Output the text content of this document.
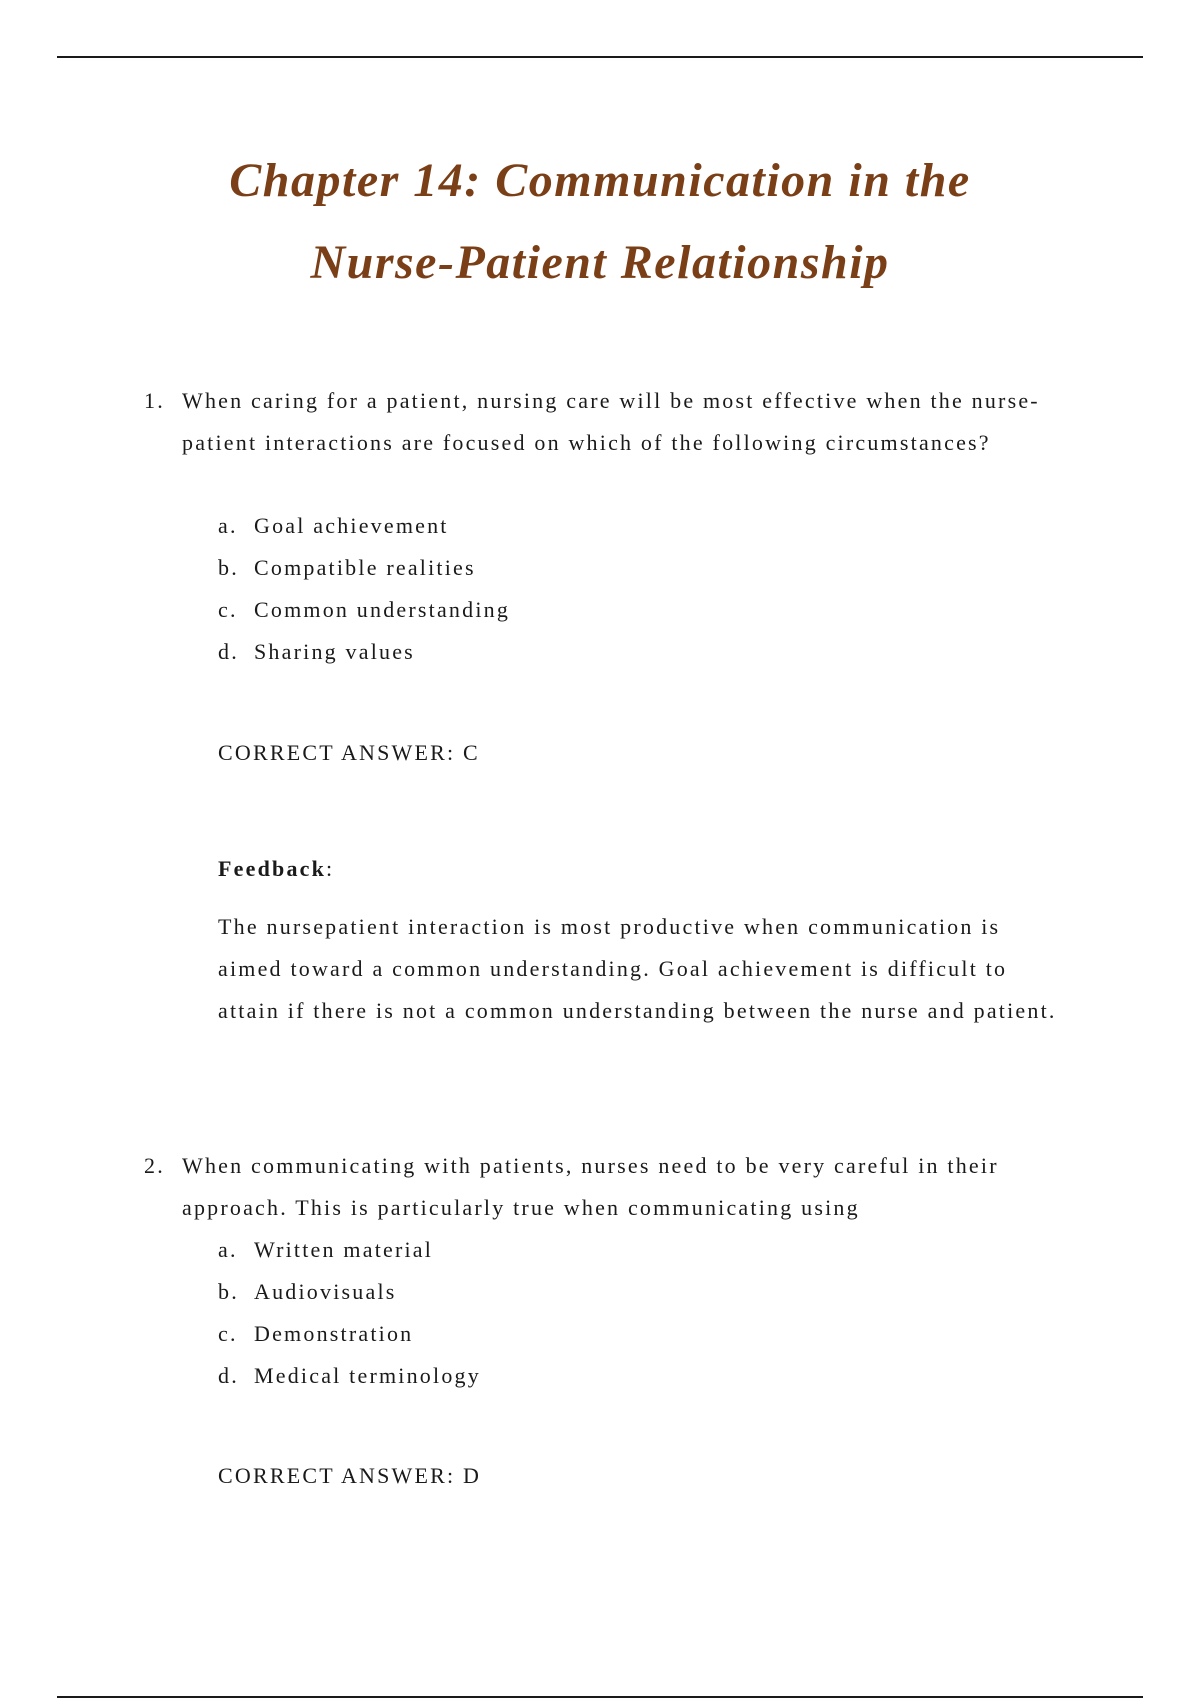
Chapter 14: Communication in the
Nurse-Patient Relationship
1. When caring for a patient, nursing care will be most effective when the nurse-patient interactions are focused on which of the following circumstances?

a. Goal achievement
b. Compatible realities
c. Common understanding
d. Sharing values

CORRECT ANSWER: C

Feedback:

The nursepatient interaction is most productive when communication is aimed toward a common understanding. Goal achievement is difficult to attain if there is not a common understanding between the nurse and patient.

2. When communicating with patients, nurses need to be very careful in their approach. This is particularly true when communicating using

a. Written material
b. Audiovisuals
c. Demonstration
d. Medical terminology

CORRECT ANSWER: D
